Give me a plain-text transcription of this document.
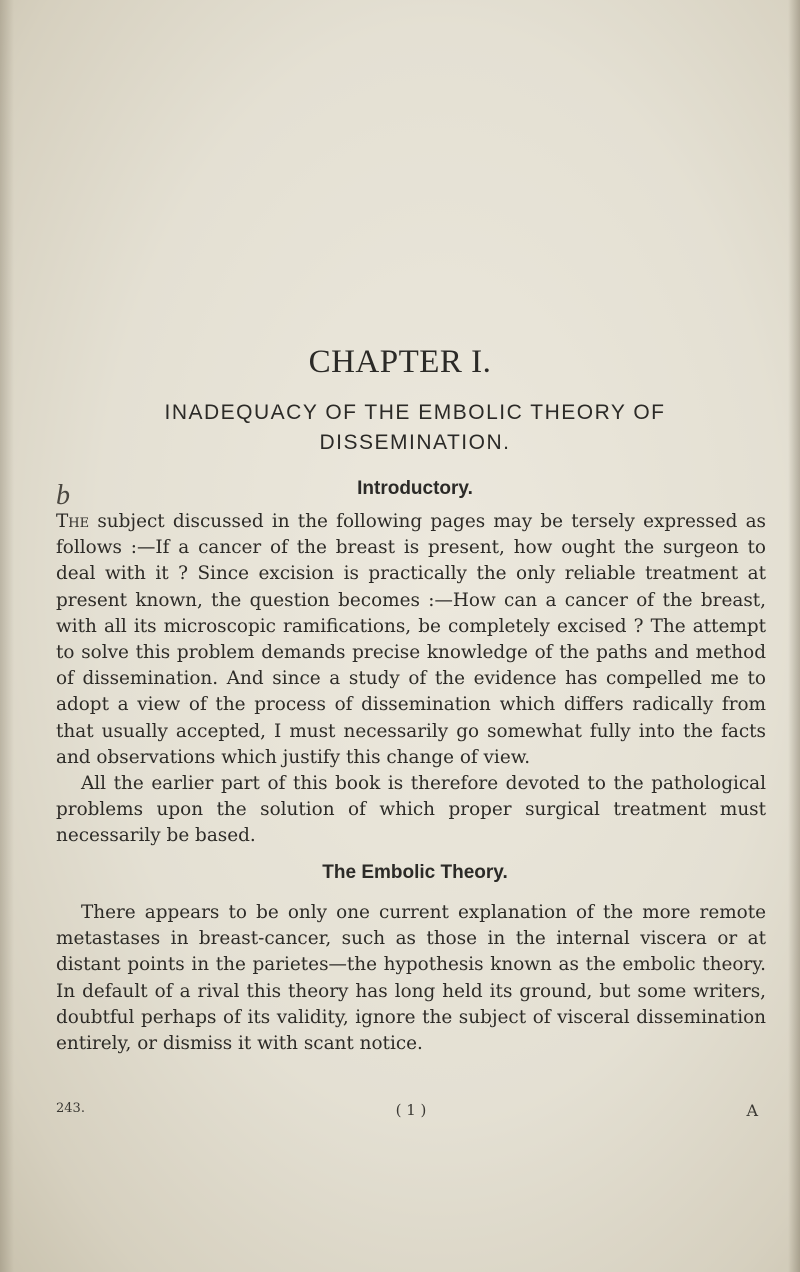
CHAPTER I.
INADEQUACY OF THE EMBOLIC THEORY OF
DISSEMINATION.
b	Introductory.

The subject discussed in the following pages may be tersely expressed as follows :—If a cancer of the breast is present, how ought the surgeon to deal with it ? Since excision is practically the only reliable treatment at present known, the question becomes :—How can a cancer of the breast, with all its microscopic ramifications, be completely excised ? The attempt to solve this problem demands precise knowledge of the paths and method of dissemination. And since a study of the evidence has compelled me to adopt a view of the process of dissemination which differs radically from that usually accepted, I must necessarily go somewhat fully into the facts and observations which justify this change of view.

All the earlier part of this book is therefore devoted to the pathological problems upon the solution of which proper surgical treatment must necessarily be based.

The Embolic Theory.

There appears to be only one current explanation of the more remote metastases in breast-cancer, such as those in the internal viscera or at distant points in the parietes—the hypothesis known as the embolic theory. In default of a rival this theory has long held its ground, but some writers, doubtful perhaps of its validity, ignore the subject of visceral dissemination entirely, or dismiss it with scant notice.

243.	( 1 )	A
